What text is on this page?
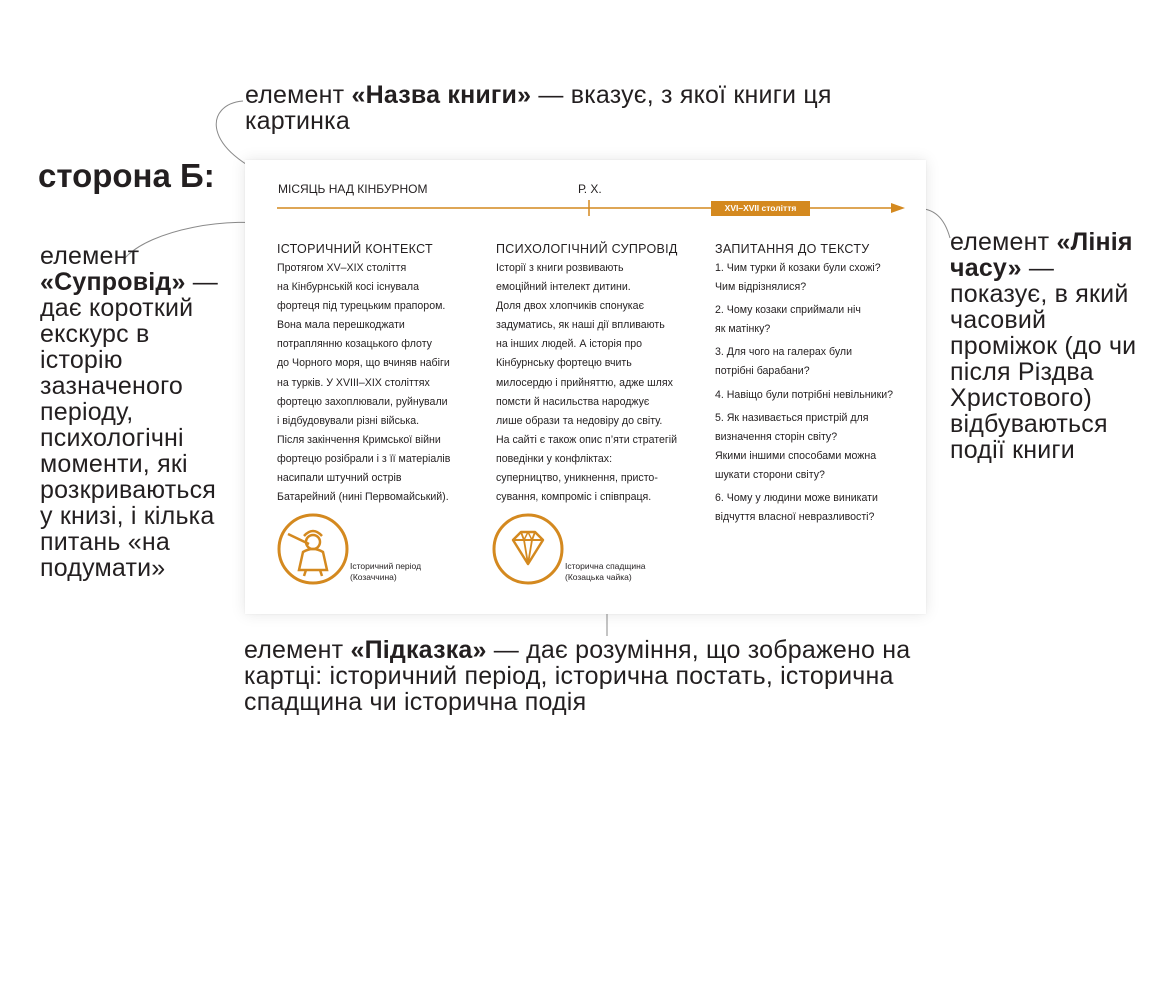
сторона Б:
елемент «Назва книги» — вказує, з якої книги ця картинка
елемент «Супровід» — дає короткий екскурс в історію зазначеного періоду, психологічні моменти, які розкриваються у книзі, і кілька питань «на подумати»
елемент «Лінія часу» — показує, в який часовий проміжок (до чи після Різдва Христового) відбуваються події книги
елемент «Підказка» — дає розуміння, що зображено на картці: історичний період, історична постать, історична спадщина чи історична подія
МІСЯЦЬ НАД КІНБУРНОМ	Р. Х.
XVI–XVII століття
ІСТОРИЧНИЙ КОНТЕКСТ
Протягом XV–XIX століття
на Кінбурнській косі існувала
фортеця під турецьким прапором.
Вона мала перешкоджати
потраплянню козацького флоту
до Чорного моря, що вчиняв набіги
на турків. У XVIII–XIX століттях
фортецю захоплювали, руйнували
і відбудовували різні війська.
Після закінчення Кримської війни
фортецю розібрали і з її матеріалів
насипали штучний острів
Батарейний (нині Первомайський).
ПСИХОЛОГІЧНИЙ СУПРОВІД
Історії з книги розвивають
емоційний інтелект дитини.
Доля двох хлопчиків спонукає
задуматись, як наші дії впливають
на інших людей. А історія про
Кінбурнську фортецю вчить
милосердю і прийняттю, адже шлях
помсти й насильства народжує
лише образи та недовіру до світу.
На сайті є також опис п’яти стратегій
поведінки у конфліктах:
суперництво, уникнення, присто-
сування, компроміс і співпраця.
ЗАПИТАННЯ ДО ТЕКСТУ
1. Чим турки й козаки були схожі?
Чим відрізнялися?
2. Чому козаки сприймали ніч
як матінку?
3. Для чого на галерах були
потрібні барабани?
4. Навіщо були потрібні невільники?
5. Як називається пристрій для
визначення сторін світу?
Якими іншими способами можна
шукати сторони світу?
6. Чому у людини може виникати
відчуття власної невразливості?
Історичний період
(Козаччина)
Історична спадщина
(Козацька чайка)
